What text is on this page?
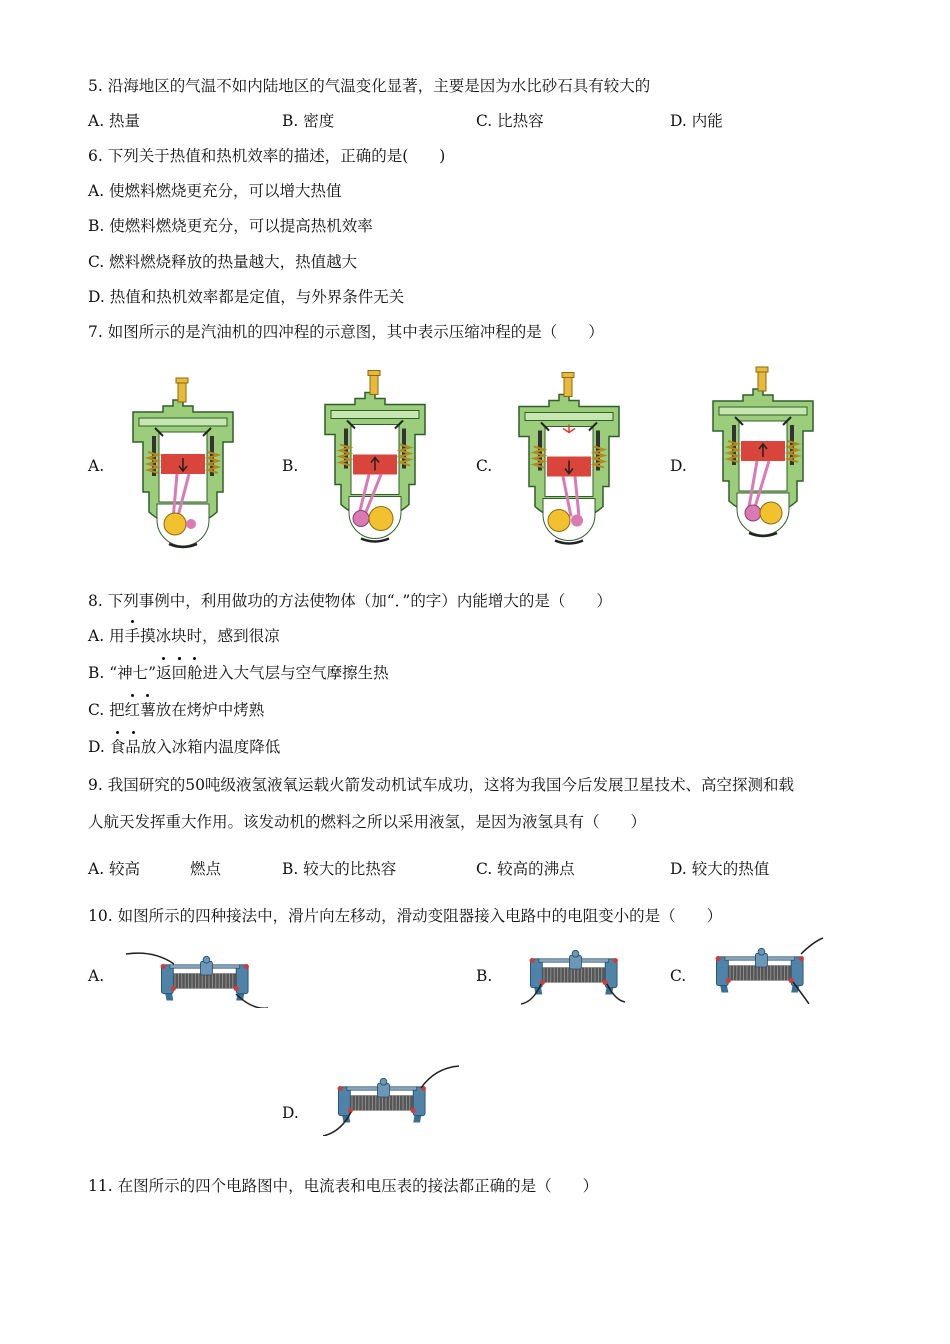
5. 沿海地区的气温不如内陆地区的气温变化显著，主要是因为水比砂石具有较大的
A. 热量	B. 密度	C. 比热容	D. 内能
6. 下列关于热值和热机效率的描述，正确的是(　　)
A. 使燃料燃烧更充分，可以增大热值
B. 使燃料燃烧更充分，可以提高热机效率
C. 燃料燃烧释放的热量越大，热值越大
D. 热值和热机效率都是定值，与外界条件无关
7. 如图所示的是汽油机的四冲程的示意图，其中表示压缩冲程的是（　　）
A.	B.	C.	D.
8. 下列事例中，利用做功的方法使物体（加“．”的字）内能增大的是（　　）
A. 用手摸冰块时，感到很凉
B. “神七”返回舱进入大气层与空气摩擦生热
C. 把红薯放在烤炉中烤熟
D. 食品放入冰箱内温度降低
9. 我国研究的50吨级液氢液氧运载火箭发动机试车成功，这将为我国今后发展卫星技术、高空探测和载
人航天发挥重大作用。该发动机的燃料之所以采用液氢，是因为液氢具有（　　）
A. 较高	燃点	B. 较大的比热容	C. 较高的沸点	D. 较大的热值
10. 如图所示的四种接法中，滑片向左移动，滑动变阻器接入电路中的电阻变小的是（　　）
A.	B.	C.
D.
11. 在图所示的四个电路图中，电流表和电压表的接法都正确的是（　　）
